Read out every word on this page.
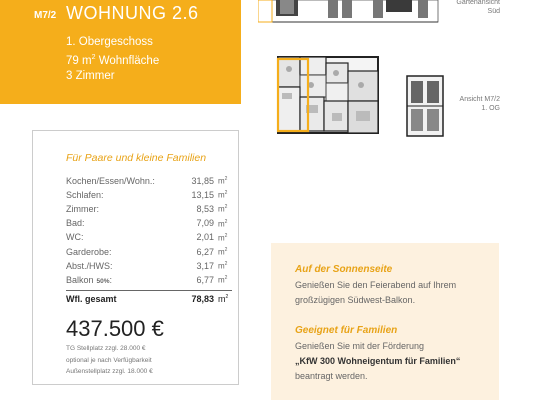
M7/2 WOHNUNG 2.6
1. Obergeschoss
79 $m^2$ Wohnfläche
3 Zimmer
Gartenansicht
Süd
Ansicht M7/2
1. OG
Für Paare und kleine Familien
Kochen/Essen/Wohn.:	31,85 $m^2$
Schlafen:	13,15 $m^2$
Zimmer:	8,53 $m^2$
Bad:	7,09 $m^2$
WC:	2,01 $m^2$
Garderobe:	6,27 $m^2$
Abst./HWS:	3,17 $m^2$
Balkon 50%:	6,77 $m^2$
Wfl. gesamt	78,83 $m^2$
437.500 €
TG Stellplatz zzgl. 28.000 €
optional je nach Verfügbarkeit
Außenstellplatz zzgl. 18.000 €
Auf der Sonnenseite
Genießen Sie den Feierabend auf Ihrem
großzügigen Südwest-Balkon.
Geeignet für Familien
Genießen Sie mit der Förderung
„KfW 300 Wohneigentum für Familien“
beantragt werden.
